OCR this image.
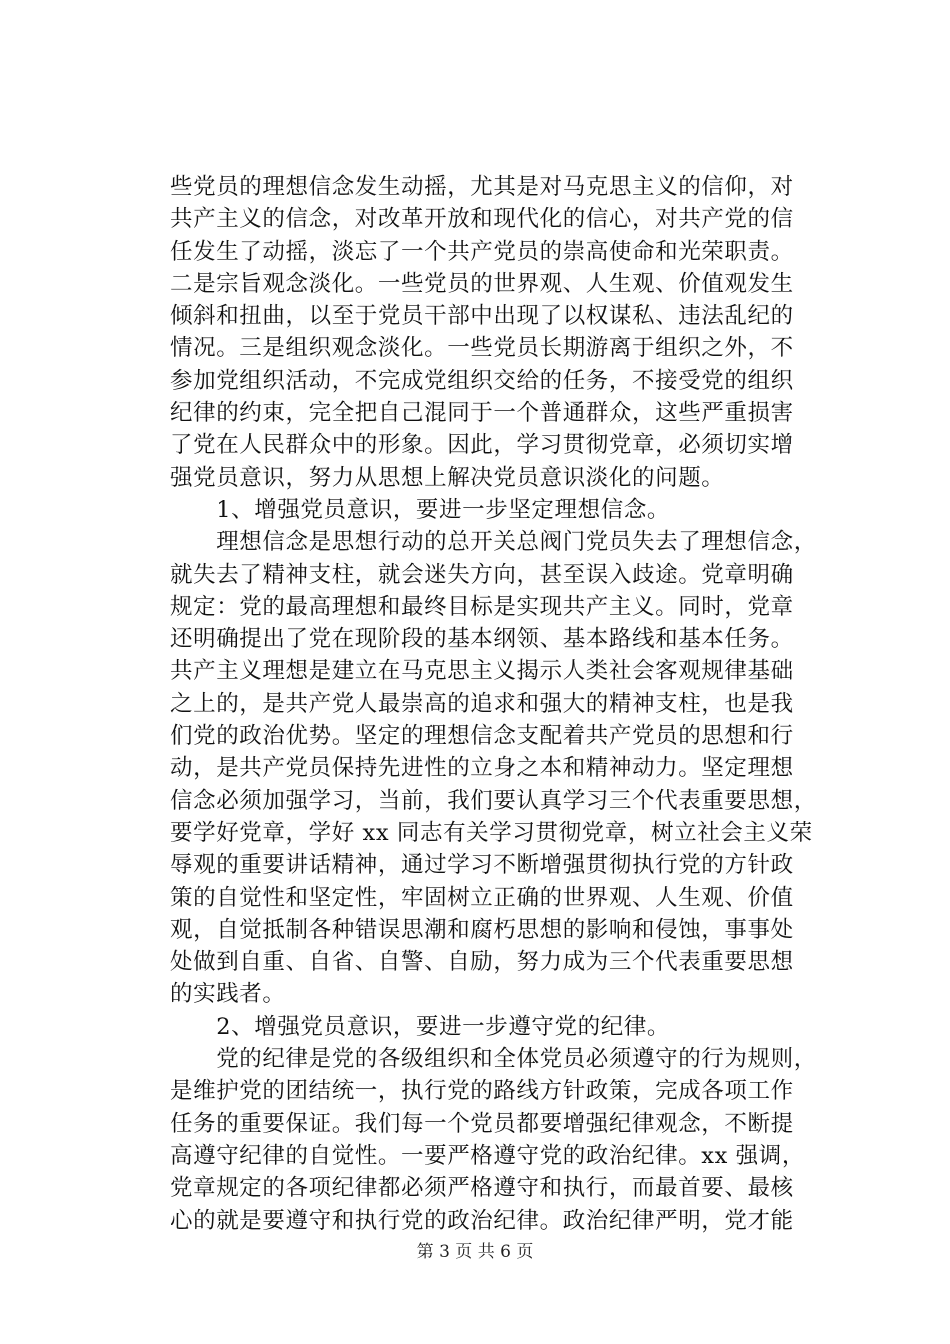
些党员的理想信念发生动摇，尤其是对马克思主义的信仰，对
共产主义的信念，对改革开放和现代化的信心，对共产党的信
任发生了动摇，淡忘了一个共产党员的崇高使命和光荣职责。
二是宗旨观念淡化。一些党员的世界观、人生观、价值观发生
倾斜和扭曲，以至于党员干部中出现了以权谋私、违法乱纪的
情况。三是组织观念淡化。一些党员长期游离于组织之外，不
参加党组织活动，不完成党组织交给的任务，不接受党的组织
纪律的约束，完全把自己混同于一个普通群众，这些严重损害
了党在人民群众中的形象。因此，学习贯彻党章，必须切实增
强党员意识，努力从思想上解决党员意识淡化的问题。
　　1、增强党员意识，要进一步坚定理想信念。
　　理想信念是思想行动的总开关总阀门党员失去了理想信念，
就失去了精神支柱，就会迷失方向，甚至误入歧途。党章明确
规定：党的最高理想和最终目标是实现共产主义。同时，党章
还明确提出了党在现阶段的基本纲领、基本路线和基本任务。
共产主义理想是建立在马克思主义揭示人类社会客观规律基础
之上的，是共产党人最崇高的追求和强大的精神支柱，也是我
们党的政治优势。坚定的理想信念支配着共产党员的思想和行
动，是共产党员保持先进性的立身之本和精神动力。坚定理想
信念必须加强学习，当前，我们要认真学习三个代表重要思想，
要学好党章，学好 xx 同志有关学习贯彻党章，树立社会主义荣
辱观的重要讲话精神，通过学习不断增强贯彻执行党的方针政
策的自觉性和坚定性，牢固树立正确的世界观、人生观、价值
观，自觉抵制各种错误思潮和腐朽思想的影响和侵蚀，事事处
处做到自重、自省、自警、自励，努力成为三个代表重要思想
的实践者。
　　2、增强党员意识，要进一步遵守党的纪律。
　　党的纪律是党的各级组织和全体党员必须遵守的行为规则，
是维护党的团结统一，执行党的路线方针政策，完成各项工作
任务的重要保证。我们每一个党员都要增强纪律观念，不断提
高遵守纪律的自觉性。一要严格遵守党的政治纪律。xx 强调，
党章规定的各项纪律都必须严格遵守和执行，而最首要、最核
心的就是要遵守和执行党的政治纪律。政治纪律严明，党才能
第 3 页 共 6 页
